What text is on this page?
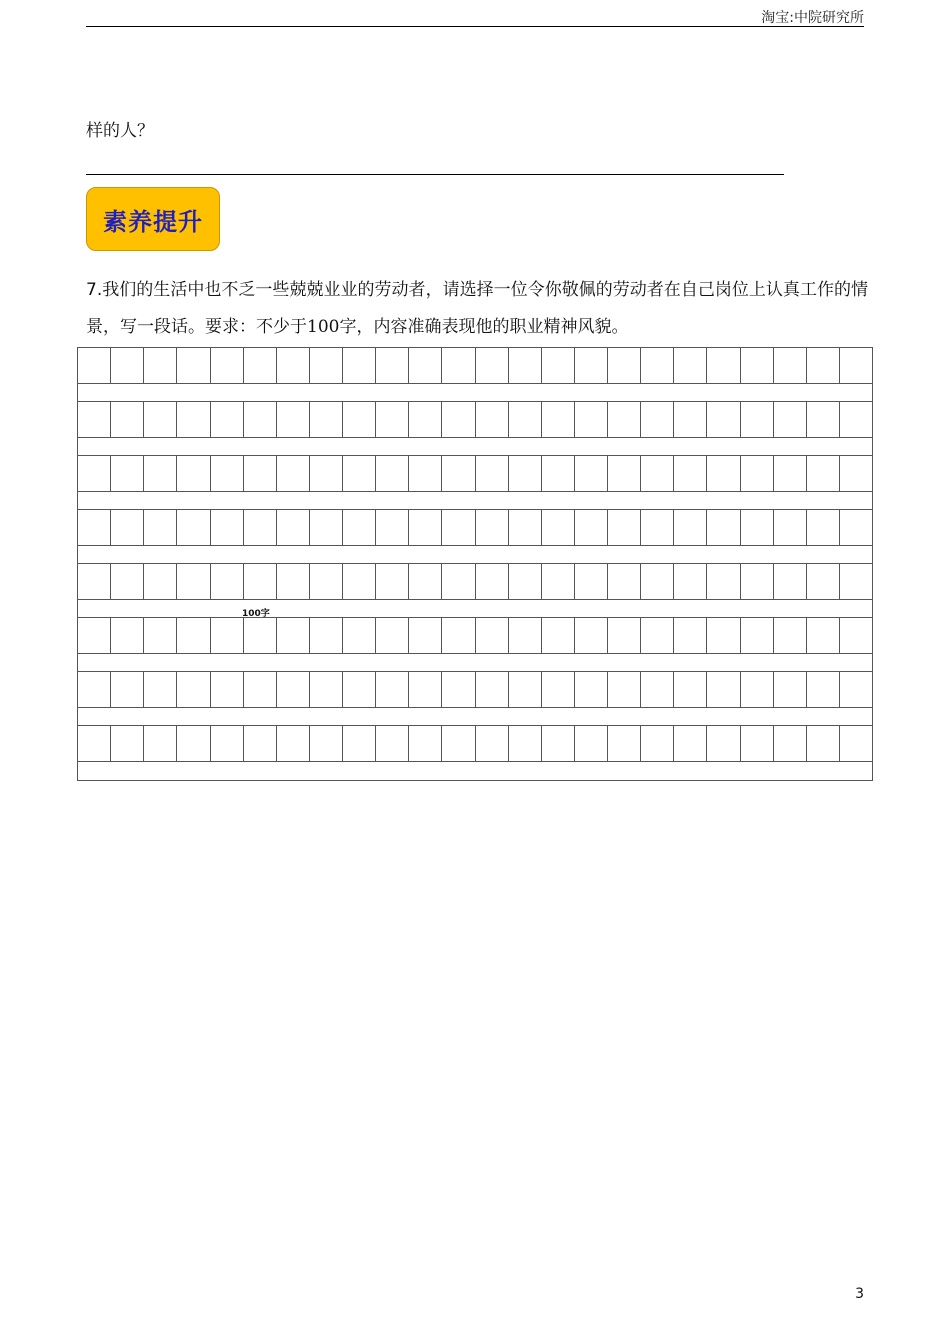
淘宝:中院研究所
样的人？
素养提升
7.我们的生活中也不乏一些兢兢业业的劳动者，请选择一位令你敬佩的劳动者在自己岗位上认真工作的情景，写一段话。要求：不少于100字，内容准确表现他的职业精神风貌。
100字
3
